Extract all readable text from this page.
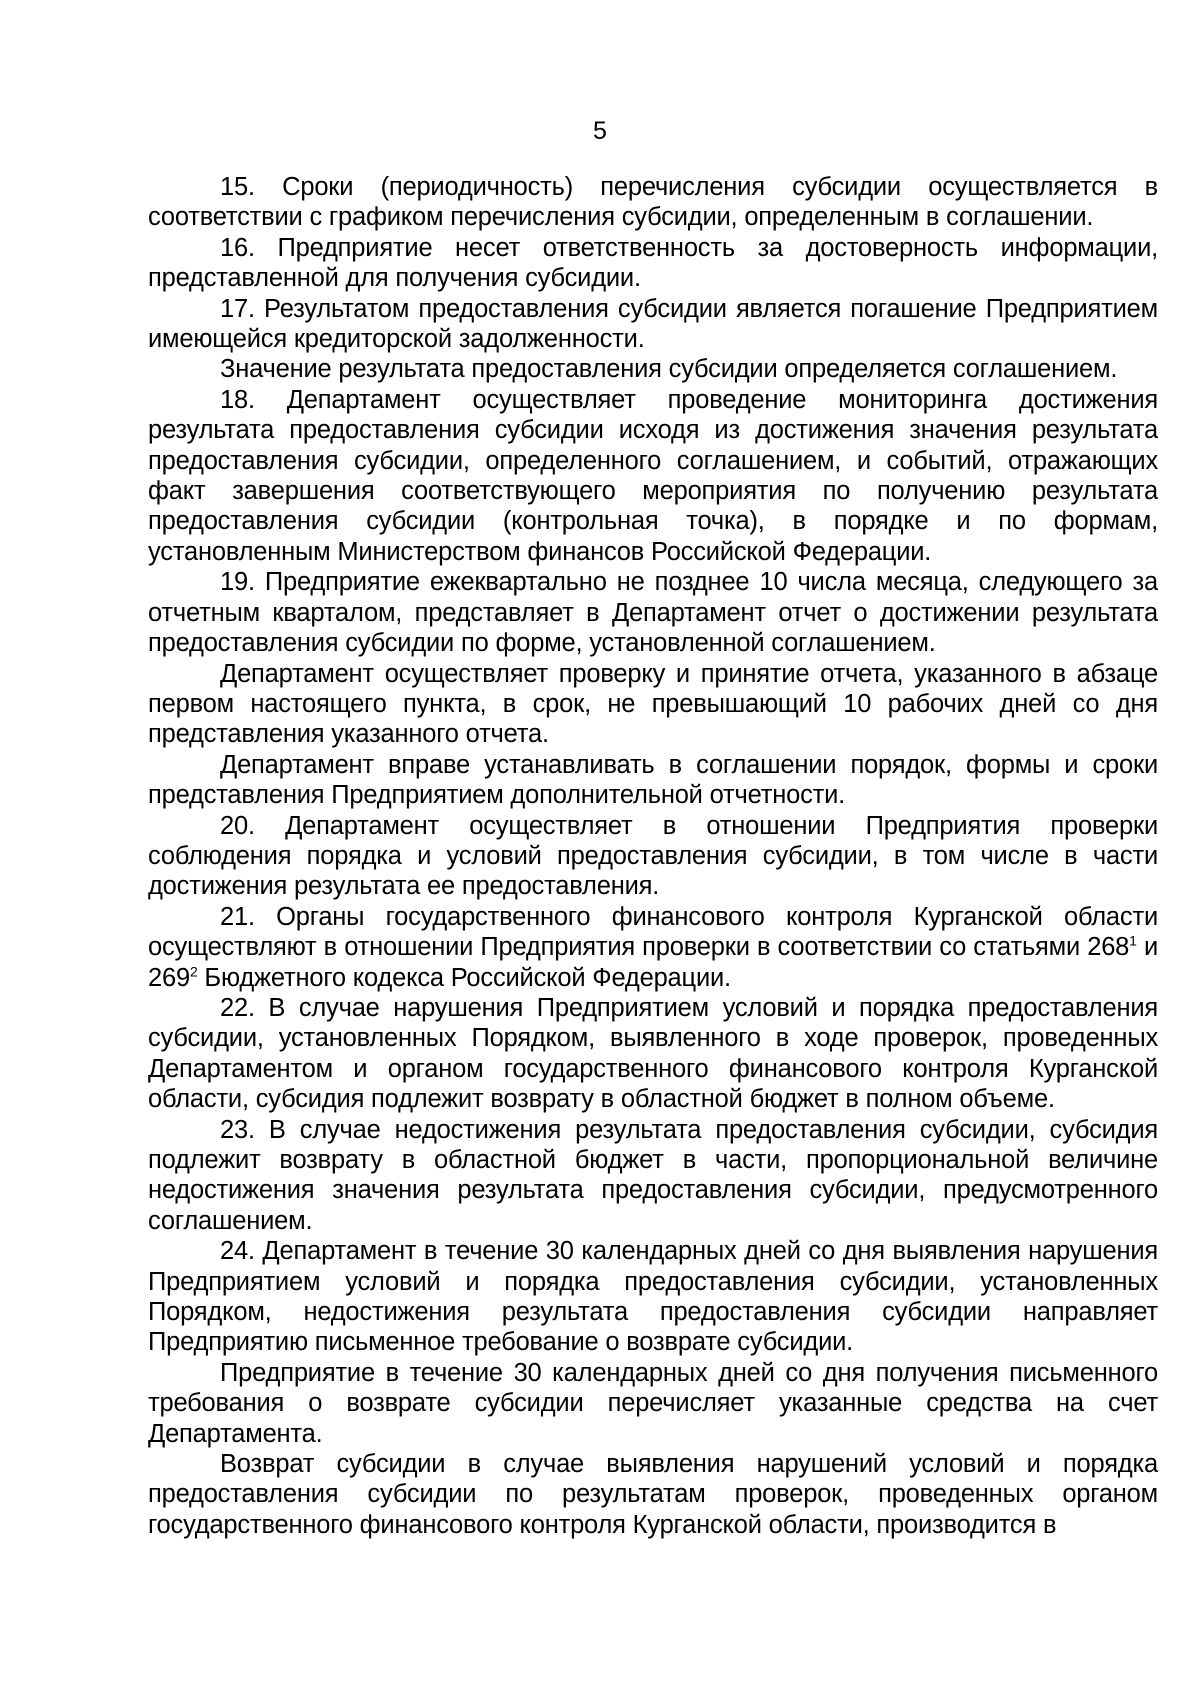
5

15. Сроки (периодичность) перечисления субсидии осуществляется в соответствии с графиком перечисления субсидии, определенным в соглашении.

16. Предприятие несет ответственность за достоверность информации, представленной для получения субсидии.

17. Результатом предоставления субсидии является погашение Предприятием имеющейся кредиторской задолженности.

Значение результата предоставления субсидии определяется соглашением.

18. Департамент осуществляет проведение мониторинга достижения результата предоставления субсидии исходя из достижения значения результата предоставления субсидии, определенного соглашением, и событий, отражающих факт завершения соответствующего мероприятия по получению результата предоставления субсидии (контрольная точка), в порядке и по формам, установленным Министерством финансов Российской Федерации.

19. Предприятие ежеквартально не позднее 10 числа месяца, следующего за отчетным кварталом, представляет в Департамент отчет о достижении результата предоставления субсидии по форме, установленной соглашением.

Департамент осуществляет проверку и принятие отчета, указанного в абзаце первом настоящего пункта, в срок, не превышающий 10 рабочих дней со дня представления указанного отчета.

Департамент вправе устанавливать в соглашении порядок, формы и сроки представления Предприятием дополнительной отчетности.

20. Департамент осуществляет в отношении Предприятия проверки соблюдения порядка и условий предоставления субсидии, в том числе в части достижения результата ее предоставления.

21. Органы государственного финансового контроля Курганской области осуществляют в отношении Предприятия проверки в соответствии со статьями $268^1$ и $269^2$ Бюджетного кодекса Российской Федерации.

22. В случае нарушения Предприятием условий и порядка предоставления субсидии, установленных Порядком, выявленного в ходе проверок, проведенных Департаментом и органом государственного финансового контроля Курганской области, субсидия подлежит возврату в областной бюджет в полном объеме.

23. В случае недостижения результата предоставления субсидии, субсидия подлежит возврату в областной бюджет в части, пропорциональной величине недостижения значения результата предоставления субсидии, предусмотренного соглашением.

24. Департамент в течение 30 календарных дней со дня выявления нарушения Предприятием условий и порядка предоставления субсидии, установленных Порядком, недостижения результата предоставления субсидии направляет Предприятию письменное требование о возврате субсидии.

Предприятие в течение 30 календарных дней со дня получения письменного требования о возврате субсидии перечисляет указанные средства на счет Департамента.

Возврат субсидии в случае выявления нарушений условий и порядка предоставления субсидии по результатам проверок, проведенных органом государственного финансового контроля Курганской области, производится в
